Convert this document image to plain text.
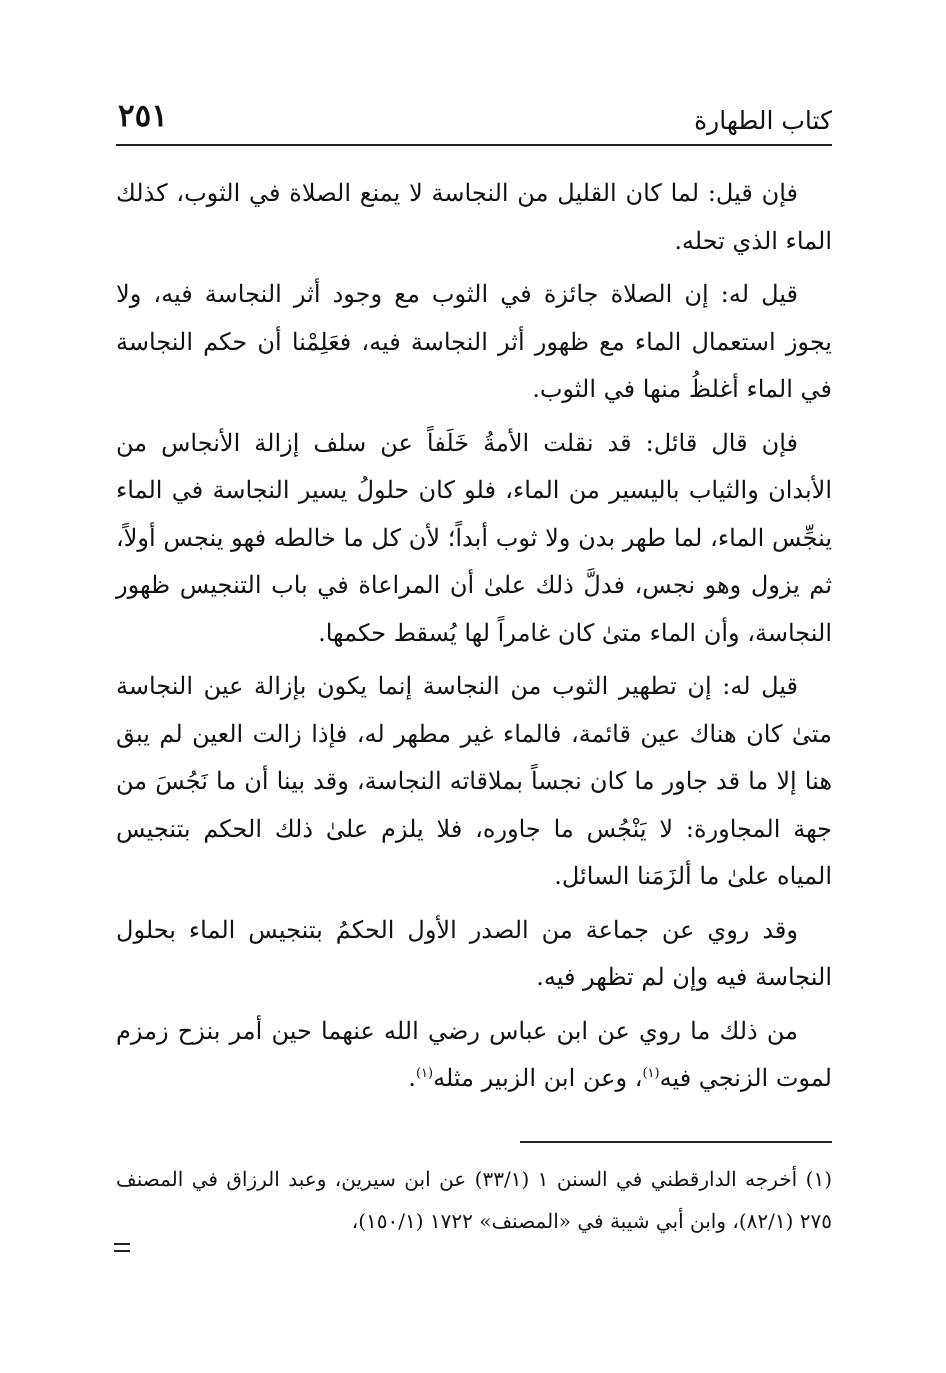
كتاب الطهارة
٢٥١

فإن قيل: لما كان القليل من النجاسة لا يمنع الصلاة في الثوب، كذلك الماء الذي تحله.

قيل له: إن الصلاة جائزة في الثوب مع وجود أثر النجاسة فيه، ولا يجوز استعمال الماء مع ظهور أثر النجاسة فيه، فعَلِمْنا أن حكم النجاسة في الماء أغلظُ منها في الثوب.

فإن قال قائل: قد نقلت الأمةُ خَلَفاً عن سلف إزالة الأنجاس من الأبدان والثياب باليسير من الماء، فلو كان حلولُ يسير النجاسة في الماء ينجِّس الماء، لما طهر بدن ولا ثوب أبداً؛ لأن كل ما خالطه فهو ينجس أولاً، ثم يزول وهو نجس، فدلَّ ذلك علىٰ أن المراعاة في باب التنجيس ظهور النجاسة، وأن الماء متىٰ كان غامراً لها يُسقط حكمها.

قيل له: إن تطهير الثوب من النجاسة إنما يكون بإزالة عين النجاسة متىٰ كان هناك عين قائمة، فالماء غير مطهر له، فإذا زالت العين لم يبق هنا إلا ما قد جاور ما كان نجساً بملاقاته النجاسة، وقد بينا أن ما نَجُسَ من جهة المجاورة: لا يَنْجُس ما جاوره، فلا يلزم علىٰ ذلك الحكم بتنجيس المياه علىٰ ما ألزَمَنا السائل.

وقد روي عن جماعة من الصدر الأول الحكمُ بتنجيس الماء بحلول النجاسة فيه وإن لم تظهر فيه.

من ذلك ما روي عن ابن عباس رضي الله عنهما حين أمر بنزح زمزم لموت الزنجي فيه$^{(١)}$، وعن ابن الزبير مثله$^{(١)}$.

(١) أخرجه الدارقطني في السنن ١ (٣٣/١) عن ابن سيرين، وعبد الرزاق في المصنف ٢٧٥ (٨٢/١)، وابن أبي شيبة في «المصنف» ١٧٢٢ (١٥٠/١)،
